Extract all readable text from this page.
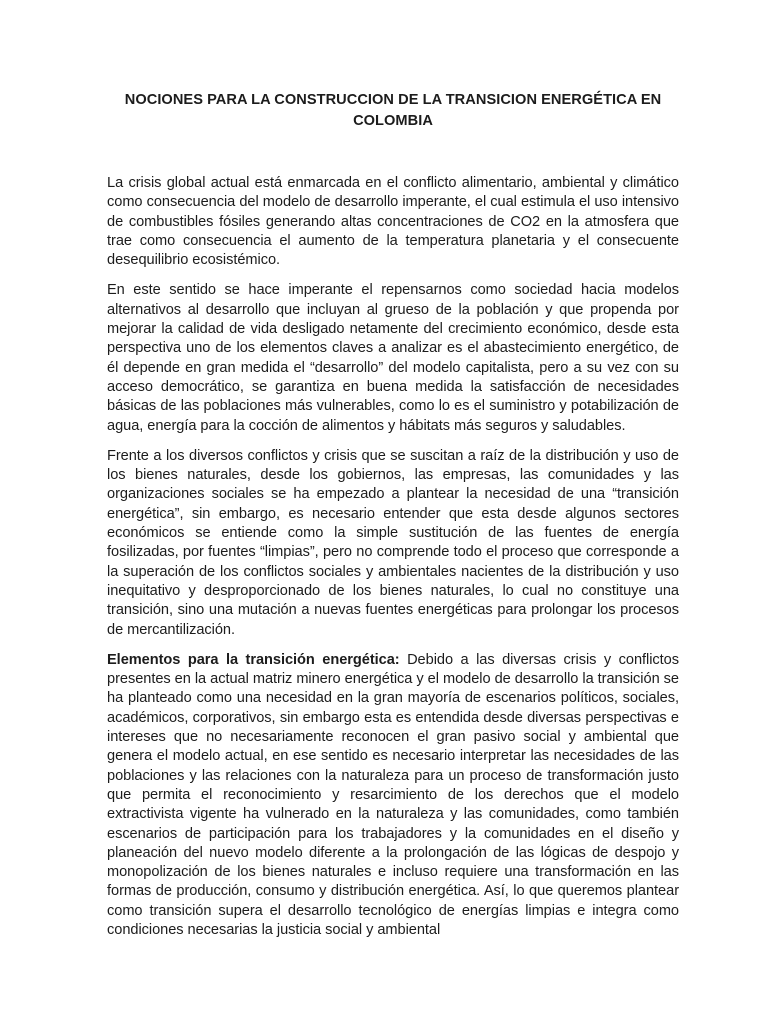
NOCIONES PARA LA CONSTRUCCION DE LA TRANSICION ENERGÉTICA EN COLOMBIA

La crisis global actual está enmarcada en el conflicto alimentario, ambiental y climático como consecuencia del modelo de desarrollo imperante, el cual estimula el uso intensivo de combustibles fósiles generando altas concentraciones de CO2 en la atmosfera que trae como consecuencia el aumento de la temperatura planetaria y el consecuente desequilibrio ecosistémico.

En este sentido se hace imperante el repensarnos como sociedad hacia modelos alternativos al desarrollo que incluyan al grueso de la población y que propenda por mejorar la calidad de vida desligado netamente del crecimiento económico, desde esta perspectiva uno de los elementos claves a analizar es el abastecimiento energético, de él depende en gran medida el “desarrollo” del modelo capitalista, pero a su vez con su acceso democrático, se garantiza en buena medida la satisfacción de necesidades básicas de las poblaciones más vulnerables, como lo es el suministro y potabilización de agua, energía para la cocción de alimentos y hábitats más seguros y saludables.

Frente a los diversos conflictos y crisis que se suscitan a raíz de la distribución y uso de los bienes naturales, desde los gobiernos, las empresas, las comunidades y las organizaciones sociales se ha empezado a plantear la necesidad de una “transición energética”, sin embargo, es necesario entender que esta desde algunos sectores económicos se entiende como la simple sustitución de las fuentes de energía fosilizadas, por fuentes “limpias”, pero no comprende todo el proceso que corresponde a la superación de los conflictos sociales y ambientales nacientes de la distribución y uso inequitativo y desproporcionado de los bienes naturales, lo cual no constituye una transición, sino una mutación a nuevas fuentes energéticas para prolongar los procesos de mercantilización.

Elementos para la transición energética: Debido a las diversas crisis y conflictos presentes en la actual matriz minero energética y el modelo de desarrollo la transición se ha planteado como una necesidad en la gran mayoría de escenarios políticos, sociales, académicos, corporativos, sin embargo esta es entendida desde diversas perspectivas e intereses que no necesariamente reconocen el gran pasivo social y ambiental que genera el modelo actual, en ese sentido es necesario interpretar las necesidades de las poblaciones y las relaciones con la naturaleza para un proceso de transformación justo que permita el reconocimiento y resarcimiento de los derechos que el modelo extractivista vigente ha vulnerado en la naturaleza y las comunidades, como también escenarios de participación para los trabajadores y la comunidades en el diseño y planeación del nuevo modelo diferente a la prolongación de las lógicas de despojo y monopolización de los bienes naturales e incluso requiere una transformación en las formas de producción, consumo y distribución energética. Así, lo que queremos plantear como transición supera el desarrollo tecnológico de energías limpias e integra como condiciones necesarias la justicia social y ambiental
